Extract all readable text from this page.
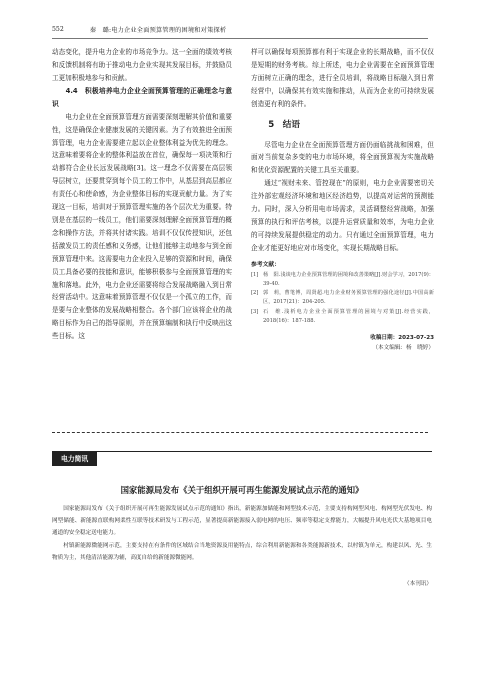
552	秦　璐:电力企业全面预算管理的困境和对策探析

动态变化，提升电力企业的市场竞争力。这一全面的绩效考核和反馈机制将有助于推动电力企业实现其发展目标，并鼓励员工更加积极地参与和贡献。

4.4　积极培养电力企业全面预算管理的正确理念与意识

电力企业在全面预算管理方面需要深刻理解其价值和重要性，这是确保企业健康发展的关键因素。为了有效推进全面预算管理，电力企业需要建立起以企业整体利益为优先的理念。这意味着要将企业的整体利益放在首位，确保每一项决策和行动都符合企业长远发展战略[3]。这一理念不仅需要在高层领导层树立，还要贯穿到每个员工的工作中，从基层到高层都应有责任心和使命感，为企业整体目标的实现贡献力量。为了实现这一目标，培训对于预算管理实施的各个层次尤为重要。特别是在基层的一线员工，他们需要深刻理解全面预算管理的概念和操作方法，并将其付诸实践。培训不仅仅传授知识，还包括激发员工的责任感和义务感，让他们能够主动地参与到全面预算管理中来。这需要电力企业投入足够的资源和时间，确保员工具备必要的技能和意识，能够积极参与全面预算管理的实施和落地。此外，电力企业还需要将综合发展战略融入到日常经营活动中。这意味着预算管理不仅仅是一个孤立的工作，而是要与企业整体的发展战略相整合。各个部门应该将企业的战略目标作为自己的指导原则，并在预算编制和执行中反映出这些目标。这

样可以确保每项预算都有利于实现企业的长期战略，而不仅仅是短期的财务考核。综上所述，电力企业需要在全面预算管理方面树立正确的理念，进行全员培训，将战略目标融入到日常经营中，以确保其有效实施和推动，从而为企业的可持续发展创造更有利的条件。

5　结语

尽管电力企业在全面预算管理方面仍面临挑战和困难，但面对当前复杂多变的电力市场环境，将全面预算视为实施战略和优化资源配置的关键工具至关重要。

通过“视财未来、管控现在”的原则，电力企业需要密切关注外部宏观经济环境和地区经济趋势，以提高对运营的预测能力。同时，深入分析用电市场需求，灵活调整经营战略，加强预算的执行和评估考核，以提升运营质量和效率，为电力企业的可持续发展提供稳定的动力。只有通过全面预算管理，电力企业才能更好地应对市场变化，实现长期战略目标。

参考文献：
[1] 杨　阳.浅谈电力企业预算管理的困境和改善策略[J].财会学习，2017(9)：39-40.
[2] 郭　莉，曹笔博，周贤超.电力企业财务预算管理的强化途径[J].中国高新区，2017(21)：204-205.
[3] 石　维.浅析电力企业全面预算管理的困境与对策[J].经营实践，2018(16)：187-188.
收稿日期：2023-07-23
（本文编辑：杨　晓婷）
电力简讯
国家能源局发布《关于组织开展可再生能源发展试点示范的通知》

国家能源局发布《关于组织开展可再生能源发展试点示范的通知》指出，新能源加储能和网型技术示范，主要支持构网型风电、构网型光伏发电、构网型储能、新能源直联构网柔性互联等技术研发与工程示范，显著提高新能源接入弱电网的电压、频率等稳定支撑能力，大幅提升风电光伏大基地项目电通道的安全稳定送电能力。

村镇新能源微能网示范，主要支持在有条件的区域结合当地资源及用能特点，综合利用新能源和各类能源新技术，以村镇为单元，构建以风、光、生物质为主，其他清洁能源为辅，高度自给的新能源微能网。

（本刊讯）
